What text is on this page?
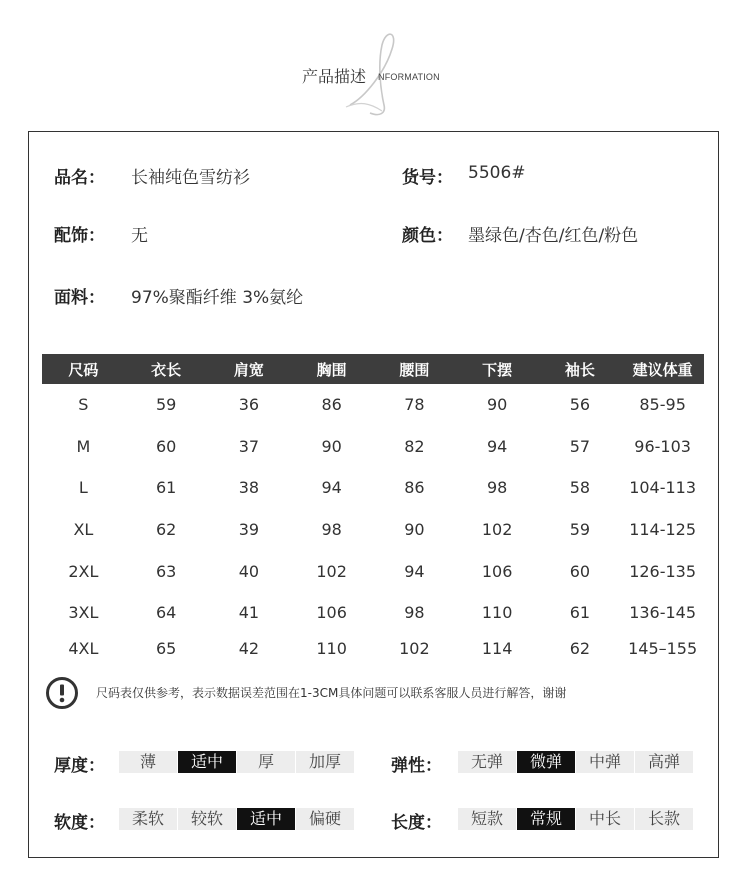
产品描述 NFORMATION
品名： 长袖纯色雪纺衫	货号： 5506#
配饰： 无	颜色： 墨绿色/杏色/红色/粉色
面料： 97%聚酯纤维 3%氨纶
尺码	衣长	肩宽	胸围	腰围	下摆	袖长	建议体重
S	59	36	86	78	90	56	85-95
M	60	37	90	82	94	57	96-103
L	61	38	94	86	98	58	104-113
XL	62	39	98	90	102	59	114-125
2XL	63	40	102	94	106	60	126-135
3XL	64	41	106	98	110	61	136-145
4XL	65	42	110	102	114	62	145–155
尺码表仅供参考，表示数据误差范围在1-3CM具体问题可以联系客服人员进行解答，谢谢
厚度：	薄	适中	厚	加厚	弹性：	无弹	微弹	中弹	高弹
软度：	柔软	较软	适中	偏硬	长度：	短款	常规	中长	长款
